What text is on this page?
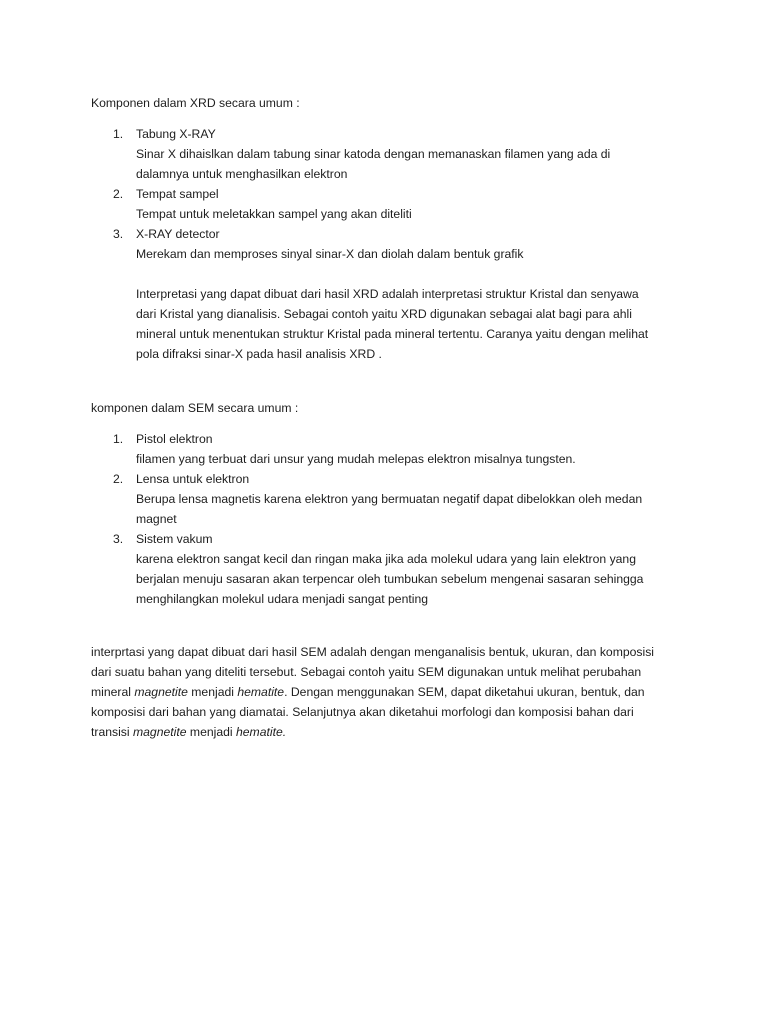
Komponen dalam XRD secara umum :
1. Tabung X-RAY
Sinar X dihaislkan dalam tabung sinar katoda dengan memanaskan filamen yang ada di
dalamnya untuk menghasilkan elektron
2. Tempat sampel
Tempat untuk meletakkan sampel yang akan diteliti
3. X-RAY detector
Merekam dan memproses sinyal sinar-X dan diolah dalam bentuk grafik
Interpretasi yang dapat dibuat dari hasil XRD adalah interpretasi struktur Kristal dan senyawa
dari Kristal yang dianalisis. Sebagai contoh yaitu XRD digunakan sebagai alat bagi para ahli
mineral untuk menentukan struktur Kristal pada mineral tertentu. Caranya yaitu dengan melihat
pola difraksi sinar-X pada hasil analisis XRD .
komponen dalam SEM secara umum :
1. Pistol elektron
filamen yang terbuat dari unsur yang mudah melepas elektron misalnya tungsten.
2. Lensa untuk elektron
Berupa lensa magnetis karena elektron yang bermuatan negatif dapat dibelokkan oleh medan
magnet
3. Sistem vakum
karena elektron sangat kecil dan ringan maka jika ada molekul udara yang lain elektron yang
berjalan menuju sasaran akan terpencar oleh tumbukan sebelum mengenai sasaran sehingga
menghilangkan molekul udara menjadi sangat penting
interprtasi yang dapat dibuat dari hasil SEM adalah dengan menganalisis bentuk, ukuran, dan komposisi
dari suatu bahan yang diteliti tersebut. Sebagai contoh yaitu SEM digunakan untuk melihat perubahan
mineral magnetite menjadi hematite. Dengan menggunakan SEM, dapat diketahui ukuran, bentuk, dan
komposisi dari bahan yang diamatai. Selanjutnya akan diketahui morfologi dan komposisi bahan dari
transisi magnetite menjadi hematite.
